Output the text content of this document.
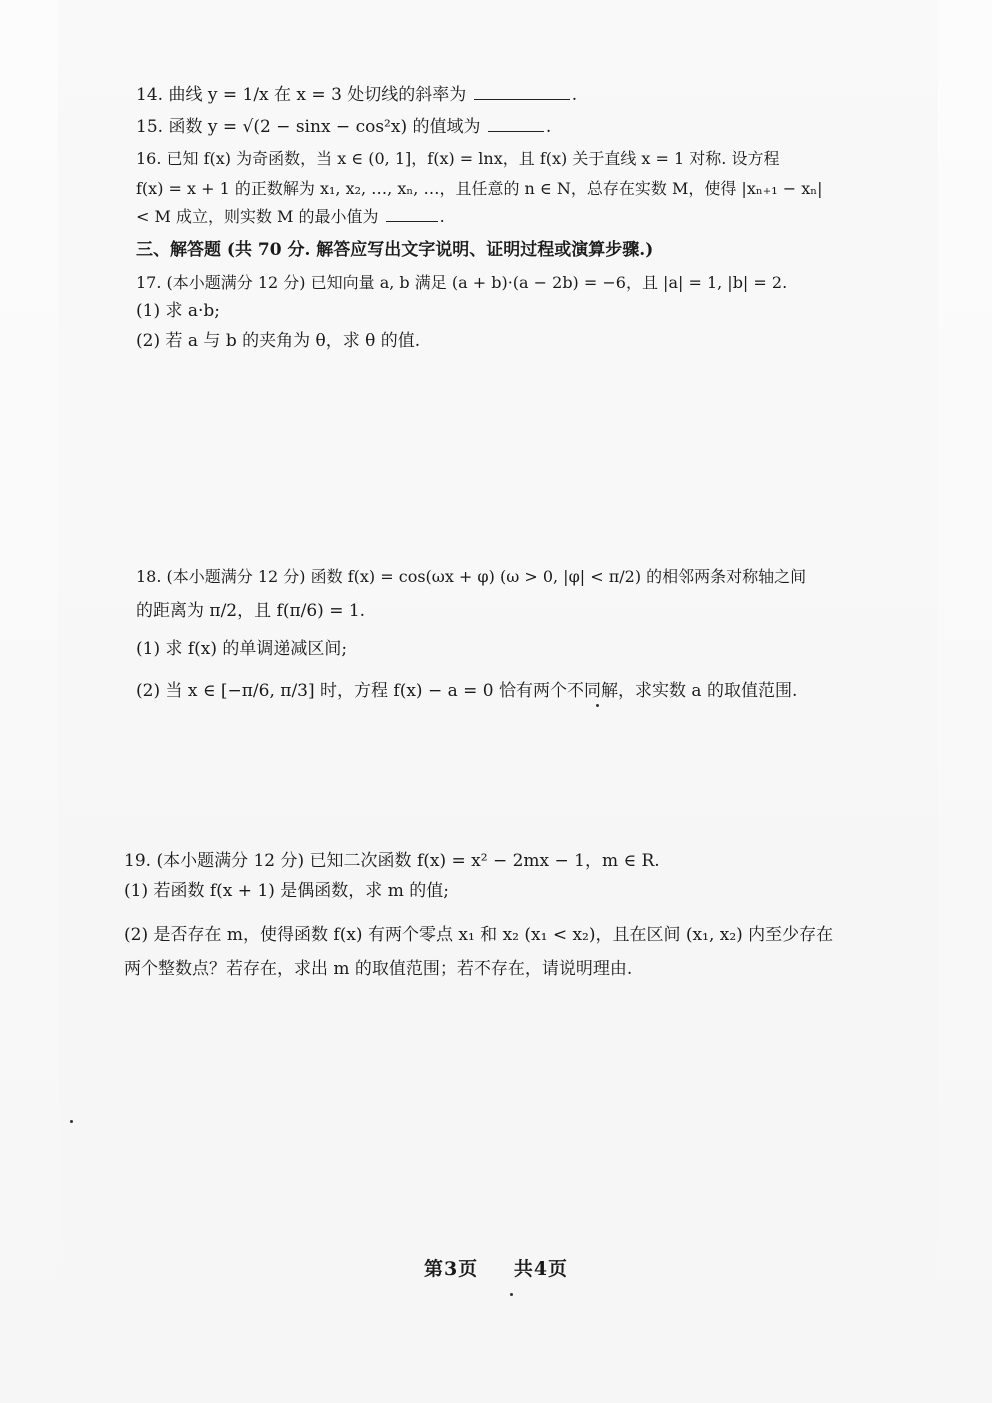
14. 曲线 y = 1/x 在 x = 3 处切线的斜率为	.
15. 函数 y = √(2 − sinx − cos²x) 的值域为	.
16. 已知 f(x) 为奇函数，当 x ∈ (0, 1]，f(x) = lnx，且 f(x) 关于直线 x = 1 对称. 设方程
f(x) = x + 1 的正数解为 x₁, x₂, …, xₙ, …，且任意的 n ∈ N，总存在实数 M，使得 |xₙ₊₁ − xₙ|
< M 成立，则实数 M 的最小值为	.
三、解答题 (共 70 分. 解答应写出文字说明、证明过程或演算步骤.)
17. (本小题满分 12 分) 已知向量 a, b 满足 (a + b)·(a − 2b) = −6，且 |a| = 1, |b| = 2.
(1) 求 a·b;
(2) 若 a 与 b 的夹角为 θ，求 θ 的值.
18. (本小题满分 12 分) 函数 f(x) = cos(ωx + φ) (ω > 0, |φ| < π/2) 的相邻两条对称轴之间
的距离为 π/2，且 f(π/6) = 1.
(1) 求 f(x) 的单调递减区间;
(2) 当 x ∈ [−π/6, π/3] 时，方程 f(x) − a = 0 恰有两个不同解，求实数 a 的取值范围.
19. (本小题满分 12 分) 已知二次函数 f(x) = x² − 2mx − 1，m ∈ R.
(1) 若函数 f(x + 1) 是偶函数，求 m 的值;
(2) 是否存在 m，使得函数 f(x) 有两个零点 x₁ 和 x₂ (x₁ < x₂)，且在区间 (x₁, x₂) 内至少存在
两个整数点？若存在，求出 m 的取值范围；若不存在，请说明理由.
第3页 共4页
